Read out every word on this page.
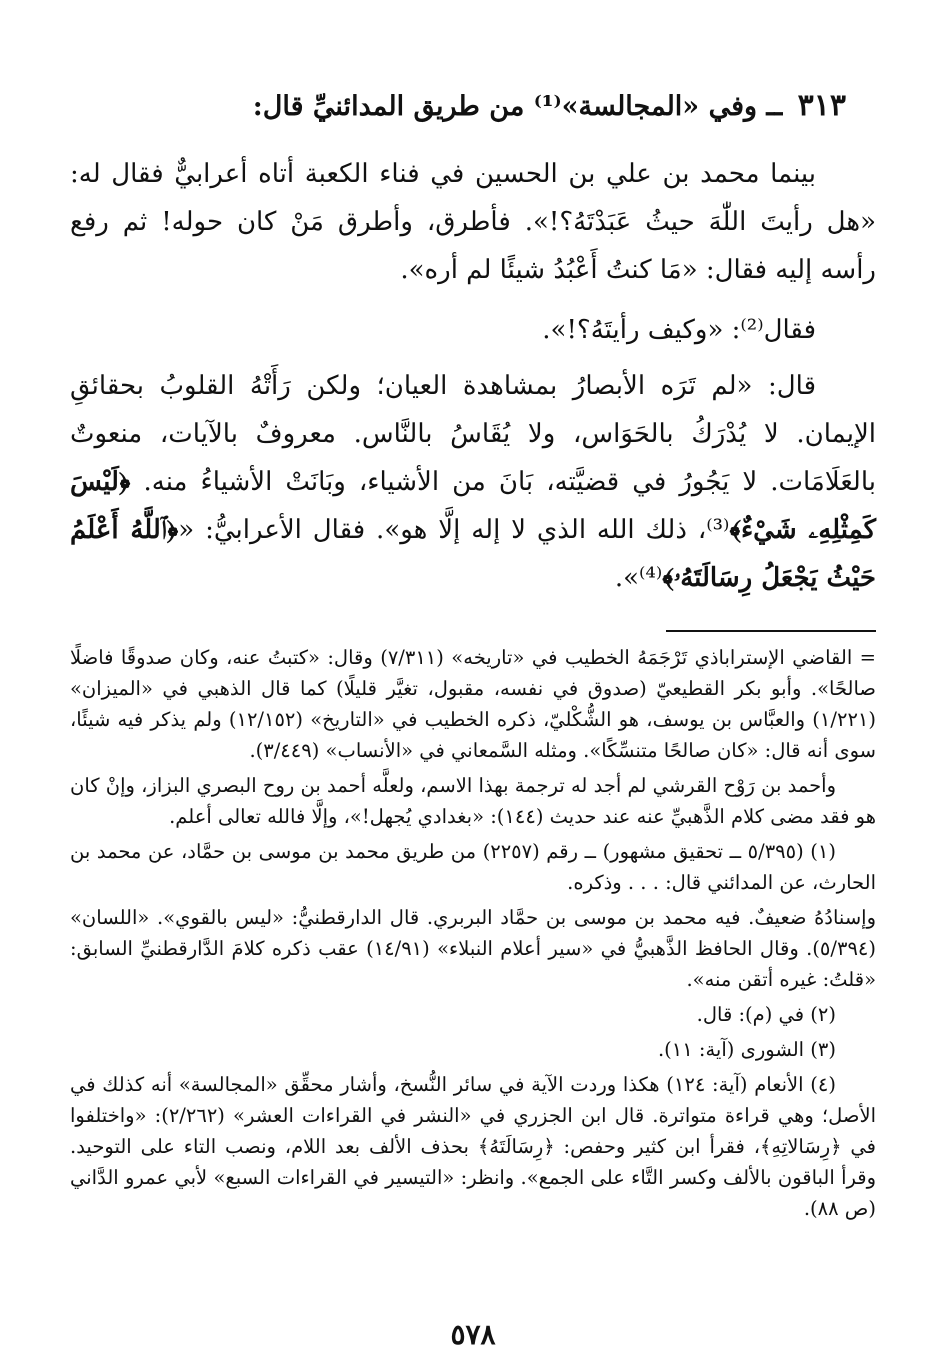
٣١٣ ــ وفي «المجالسة»⁽¹⁾ من طريق المدائنيِّ قال:

بينما محمد بن علي بن الحسين في فناء الكعبة أتاه أعرابيٌّ فقال له: «هل رأيتَ اللّٰهَ حيثُ عَبَدْتَهُ؟!». فأطرق، وأطرق مَنْ كان حوله! ثم رفع رأسه إليه فقال: «مَا كنتُ أَعْبُدُ شيئًا لم أره».

فقال⁽²⁾: «وكيف رأيتَهُ؟!».

قال: «لم تَرَه الأبصارُ بمشاهدة العيان؛ ولكن رَأَتْهُ القلوبُ بحقائقِ الإيمان. لا يُدْرَكُ بالحَوَاس، ولا يُقَاسُ بالنَّاس. معروفٌ بالآيات، منعوتٌ بالعَلَامَات. لا يَجُورُ في قضيَّته، بَانَ من الأشياء، وبَانَتْ الأشياءُ منه. ﴿لَيْسَ كَمِثْلِهِۦ شَيْءٌ﴾⁽³⁾، ذلك الله الذي لا إله إلَّا هو». فقال الأعرابيُّ: «﴿ٱللَّهُ أَعْلَمُ حَيْثُ يَجْعَلُ رِسَالَتَهُۥ﴾⁽⁴⁾».

= القاضي الإستراباذي تَرْجَمَهُ الخطيب في «تاريخه» (٧/٣١١) وقال: «كتبتُ عنه، وكان صدوقًا فاضلًا صالحًا». وأبو بكر القطيعيّ (صدوق في نفسه، مقبول، تغيَّر قليلًا) كما قال الذهبي في «الميزان» (١/٢٢١) والعبَّاس بن يوسف، هو الشُّكْليّ، ذكره الخطيب في «التاريخ» (١٢/١٥٢) ولم يذكر فيه شيئًا، سوى أنه قال: «كان صالحًا متنسِّكًا». ومثله السَّمعاني في «الأنساب» (٣/٤٤٩).

وأحمد بن رَوْح القرشي لم أجد له ترجمة بهذا الاسم، ولعلَّه أحمد بن روح البصري البزاز، وإنْ كان هو فقد مضى كلام الذَّهبيِّ عنه عند حديث (١٤٤): «بغدادي يُجهل!»، وإلَّا فالله تعالى أعلم.

(١) (٥/٣٩٥ ــ تحقيق مشهور) ــ رقم (٢٢٥٧) من طريق محمد بن موسى بن حمَّاد، عن محمد بن الحارث، عن المدائني قال: . . . وذكره.

وإسنادُهُ ضعيفٌ. فيه محمد بن موسى بن حمَّاد البربري. قال الدارقطنيُّ: «ليس بالقوي». «اللسان» (٥/٣٩٤). وقال الحافظ الذَّهبيُّ في «سير أعلام النبلاء» (١٤/٩١) عقب ذكره كلامَ الدَّارقطنيِّ السابق: «قلتُ: غيره أتقن منه».

(٢) في (م): قال.

(٣) الشورى (آية: ١١).

(٤) الأنعام (آية: ١٢٤) هكذا وردت الآية في سائر النُّسخ، وأشار محقِّق «المجالسة» أنه كذلك في الأصل؛ وهي قراءة متواترة. قال ابن الجزري في «النشر في القراءات العشر» (٢/٢٦٢): «واختلفوا في ﴿رِسَالاتِهِ﴾، فقرأ ابن كثير وحفص: ﴿رِسَالَتَهُ﴾ بحذف الألف بعد اللام، ونصب التاء على التوحيد. وقرأ الباقون بالألف وكسر التَّاء على الجمع». وانظر: «التيسير في القراءات السبع» لأبي عمرو الدَّاني (ص ٨٨).

٥٧٨
